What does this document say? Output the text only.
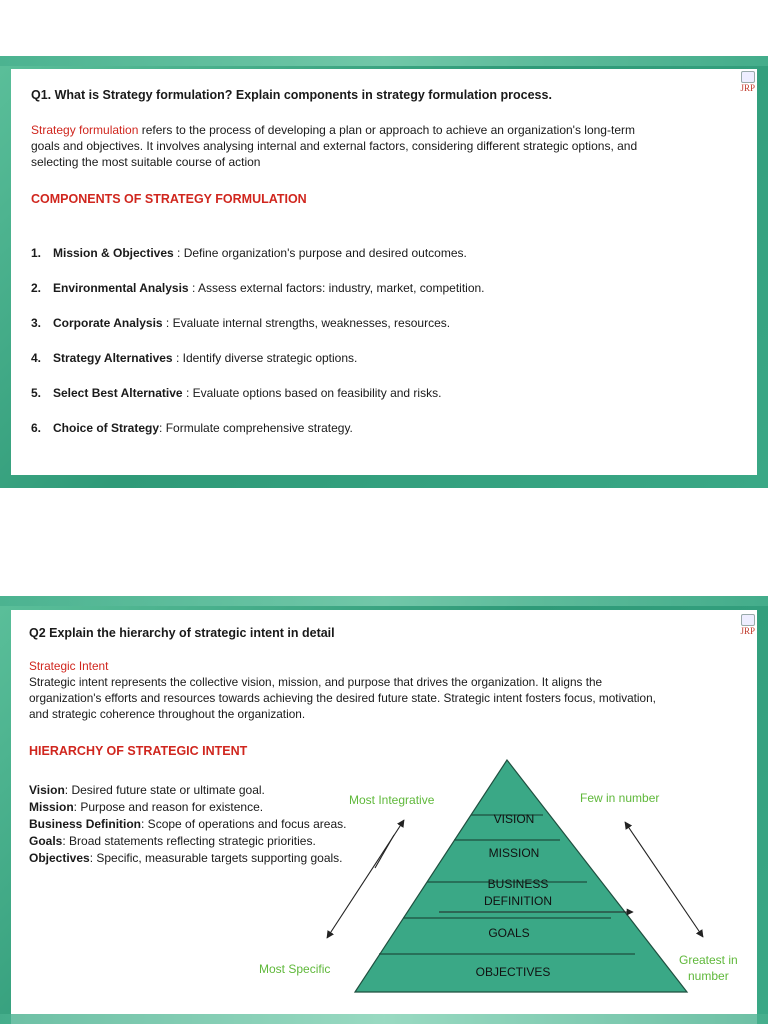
JRP
Q1. What is Strategy formulation? Explain components in strategy formulation process.
Strategy formulation refers to the process of developing a plan or approach to achieve an organization's long-term
goals and objectives. It involves analysing internal and external factors, considering different strategic options, and
selecting the most suitable course of action
COMPONENTS OF STRATEGY FORMULATION
1. Mission & Objectives : Define organization's purpose and desired outcomes.
2. Environmental Analysis : Assess external factors: industry, market, competition.
3. Corporate Analysis : Evaluate internal strengths, weaknesses, resources.
4. Strategy Alternatives : Identify diverse strategic options.
5. Select Best Alternative : Evaluate options based on feasibility and risks.
6. Choice of Strategy: Formulate comprehensive strategy.
JRP
Q2 Explain the hierarchy of strategic intent in detail
Strategic Intent
Strategic intent represents the collective vision, mission, and purpose that drives the organization. It aligns the
organization's efforts and resources towards achieving the desired future state. Strategic intent fosters focus, motivation,
and strategic coherence throughout the organization.
HIERARCHY OF STRATEGIC INTENT
Vision: Desired future state or ultimate goal.
Mission: Purpose and reason for existence.
Business Definition: Scope of operations and focus areas.
Goals: Broad statements reflecting strategic priorities.
Objectives: Specific, measurable targets supporting goals.
VISION
MISSION
BUSINESS
DEFINITION
GOALS
OBJECTIVES
Most Integrative
Most Specific
Few in number
Greatest in
number
